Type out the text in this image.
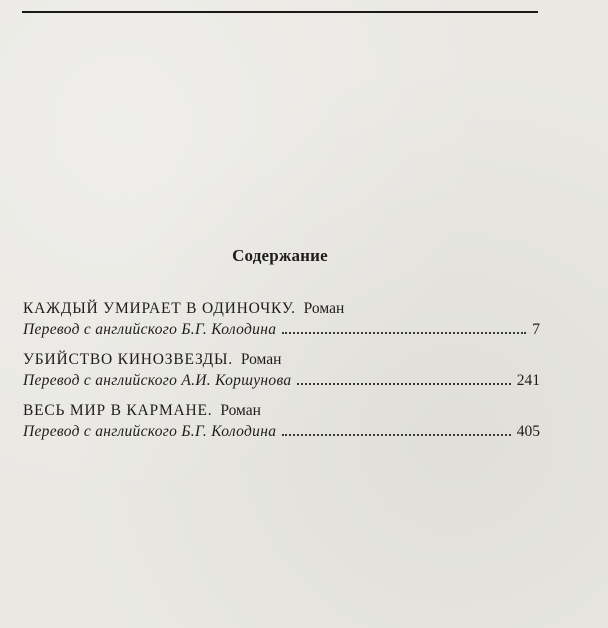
Содержание
КАЖДЫЙ УМИРАЕТ В ОДИНОЧКУ. Роман
Перевод с английского Б.Г. Колодина	7
УБИЙСТВО КИНОЗВЕЗДЫ. Роман
Перевод с английского А.И. Коршунова	241
ВЕСЬ МИР В КАРМАНЕ. Роман
Перевод с английского Б.Г. Колодина	405
